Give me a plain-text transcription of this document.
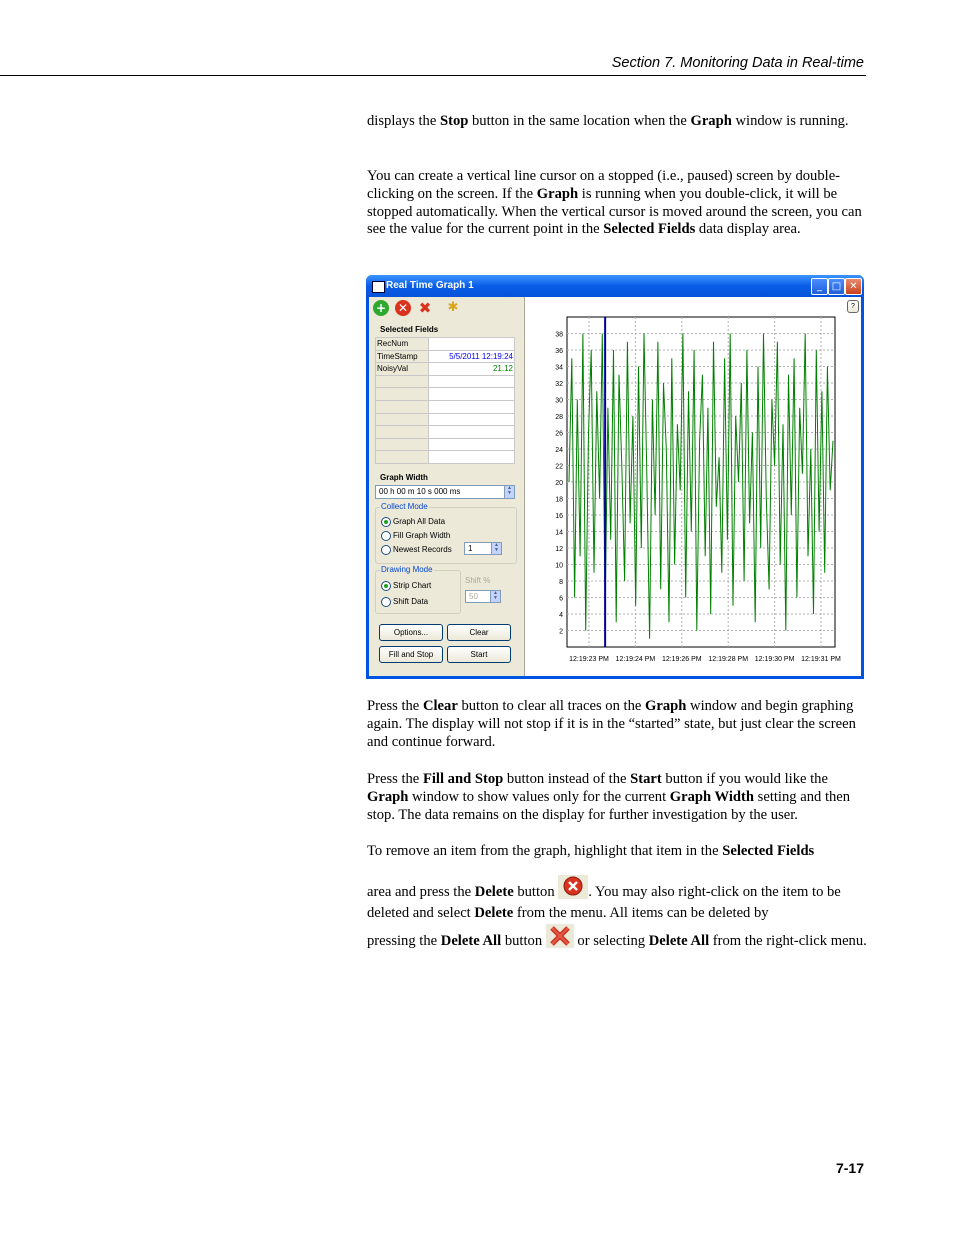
Section 7. Monitoring Data in Real-time

displays the Stop button in the same location when the Graph window is running.

You can create a vertical line cursor on a stopped (i.e., paused) screen by double-clicking on the screen. If the Graph is running when you double-click, it will be stopped automatically. When the vertical cursor is moved around the screen, you can see the value for the current point in the Selected Fields data display area.

Real Time Graph 1	_ □ ✕
+ ✕ ✖ ✱
Selected Fields
RecNum	
TimeStamp	5/5/2011 12:19:24
NoisyVal	21.12

Graph Width
00 h 00 m 10 s 000 ms	▲
▼
Collect Mode
Graph All Data
Fill Graph Width
Newest Records	1	▲
▼
Drawing Mode
Strip Chart
Shift Data
Shift %
50	▲
▼
Options...	Clear
Fill and Stop	Start
?
2
4
6
8
10
12
14
16
18
20
22
24
26
28
30
32
34
36
38
12:19:23 PM 12:19:24 PM 12:19:26 PM 12:19:28 PM 12:19:30 PM 12:19:31 PM

Press the Clear button to clear all traces on the Graph window and begin graphing again. The display will not stop if it is in the “started” state, but just clear the screen and continue forward.

Press the Fill and Stop button instead of the Start button if you would like the Graph window to show values only for the current Graph Width setting and then stop. The data remains on the display for further investigation by the user.

To remove an item from the graph, highlight that item in the Selected Fields

area and press the Delete button . You may also right-click on the item to be deleted and select Delete from the menu. All items can be deleted by

pressing the Delete All button  or selecting Delete All from the right-click menu.

7-17
